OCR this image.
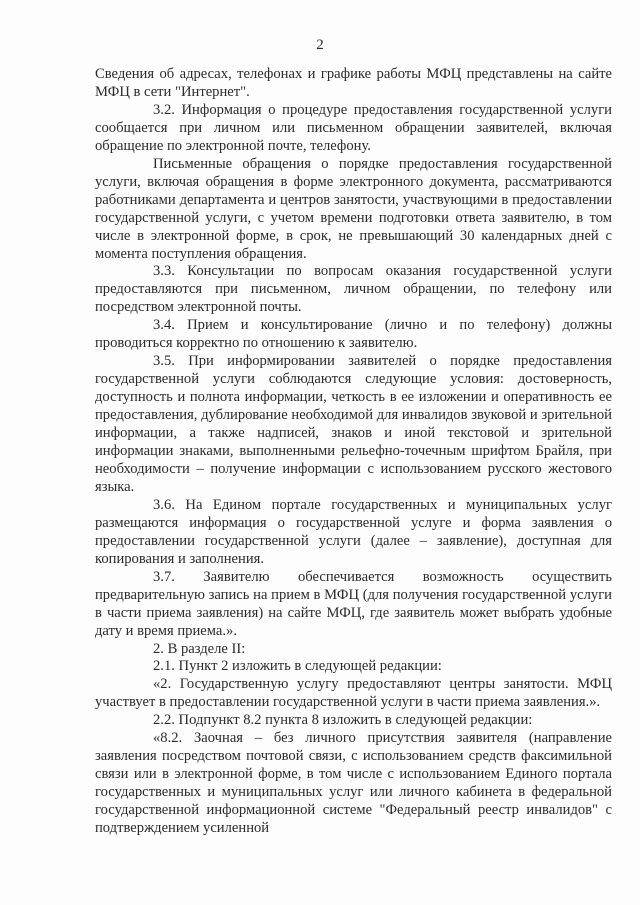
2

Сведения об адресах, телефонах и графике работы МФЦ представлены на сайте МФЦ в сети "Интернет".

3.2. Информация о процедуре предоставления государственной услуги сообщается при личном или письменном обращении заявителей, включая обращение по электронной почте, телефону.

Письменные обращения о порядке предоставления государственной услуги, включая обращения в форме электронного документа, рассматриваются работниками департамента и центров занятости, участвующими в предоставлении государственной услуги, с учетом времени подготовки ответа заявителю, в том числе в электронной форме, в срок, не превышающий 30 календарных дней с момента поступления обращения.

3.3. Консультации по вопросам оказания государственной услуги предоставляются при письменном, личном обращении, по телефону или посредством электронной почты.

3.4. Прием и консультирование (лично и по телефону) должны проводиться корректно по отношению к заявителю.

3.5. При информировании заявителей о порядке предоставления государственной услуги соблюдаются следующие условия: достоверность, доступность и полнота информации, четкость в ее изложении и оперативность ее предоставления, дублирование необходимой для инвалидов звуковой и зрительной информации, а также надписей, знаков и иной текстовой и зрительной информации знаками, выполненными рельефно-точечным шрифтом Брайля, при необходимости – получение информации с использованием русского жестового языка.

3.6. На Едином портале государственных и муниципальных услуг размещаются информация о государственной услуге и форма заявления о предоставлении государственной услуги (далее – заявление), доступная для копирования и заполнения.

3.7. Заявителю обеспечивается возможность осуществить предварительную запись на прием в МФЦ (для получения государственной услуги в части приема заявления) на сайте МФЦ, где заявитель может выбрать удобные дату и время приема.».

2. В разделе II:

2.1. Пункт 2 изложить в следующей редакции:

«2. Государственную услугу предоставляют центры занятости. МФЦ участвует в предоставлении государственной услуги в части приема заявления.».

2.2. Подпункт 8.2 пункта 8 изложить в следующей редакции:

«8.2. Заочная – без личного присутствия заявителя (направление заявления посредством почтовой связи, с использованием средств факсимильной связи или в электронной форме, в том числе с использованием Единого портала государственных и муниципальных услуг или личного кабинета в федеральной государственной информационной системе "Федеральный реестр инвалидов" с подтверждением усиленной
